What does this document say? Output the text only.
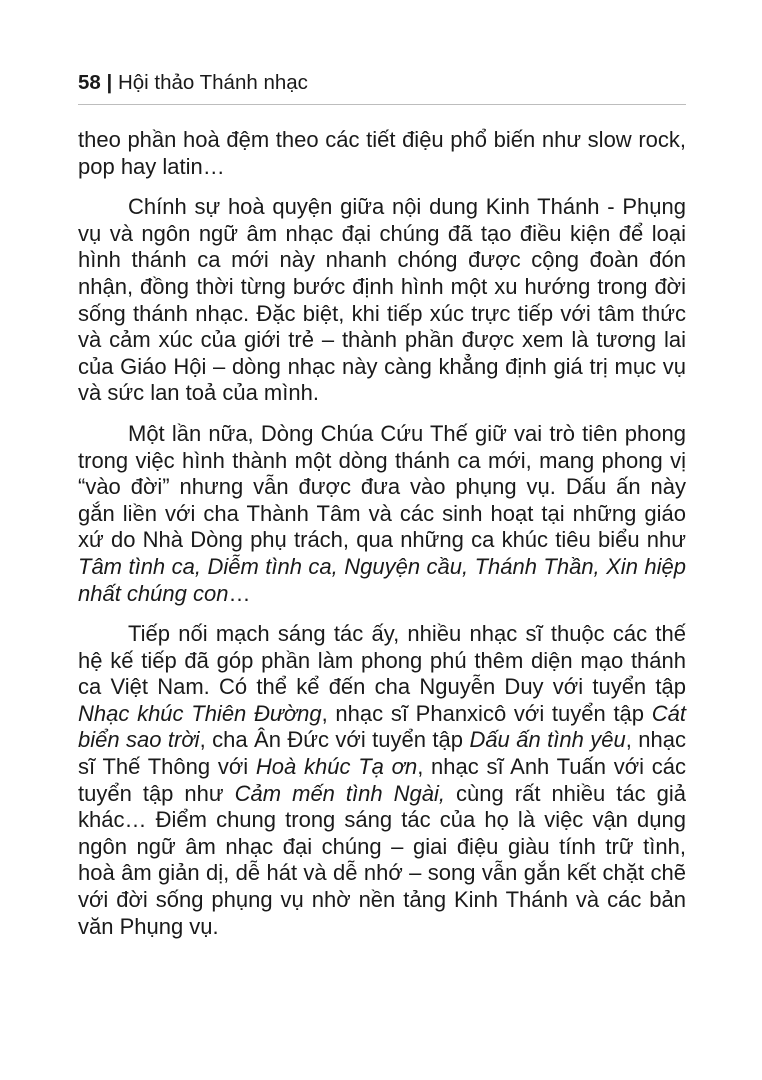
58 | Hội thảo Thánh nhạc

theo phần hoà đệm theo các tiết điệu phổ biến như slow rock, pop hay latin…

Chính sự hoà quyện giữa nội dung Kinh Thánh - Phụng vụ và ngôn ngữ âm nhạc đại chúng đã tạo điều kiện để loại hình thánh ca mới này nhanh chóng được cộng đoàn đón nhận, đồng thời từng bước định hình một xu hướng trong đời sống thánh nhạc. Đặc biệt, khi tiếp xúc trực tiếp với tâm thức và cảm xúc của giới trẻ – thành phần được xem là tương lai của Giáo Hội – dòng nhạc này càng khẳng định giá trị mục vụ và sức lan toả của mình.

Một lần nữa, Dòng Chúa Cứu Thế giữ vai trò tiên phong trong việc hình thành một dòng thánh ca mới, mang phong vị “vào đời” nhưng vẫn được đưa vào phụng vụ. Dấu ấn này gắn liền với cha Thành Tâm và các sinh hoạt tại những giáo xứ do Nhà Dòng phụ trách, qua những ca khúc tiêu biểu như Tâm tình ca, Diễm tình ca, Nguyện cầu, Thánh Thần, Xin hiệp nhất chúng con…

Tiếp nối mạch sáng tác ấy, nhiều nhạc sĩ thuộc các thế hệ kế tiếp đã góp phần làm phong phú thêm diện mạo thánh ca Việt Nam. Có thể kể đến cha Nguyễn Duy với tuyển tập Nhạc khúc Thiên Đường, nhạc sĩ Phanxicô với tuyển tập Cát biển sao trời, cha Ân Đức với tuyển tập Dấu ấn tình yêu, nhạc sĩ Thế Thông với Hoà khúc Tạ ơn, nhạc sĩ Anh Tuấn với các tuyển tập như Cảm mến tình Ngài, cùng rất nhiều tác giả khác… Điểm chung trong sáng tác của họ là việc vận dụng ngôn ngữ âm nhạc đại chúng – giai điệu giàu tính trữ tình, hoà âm giản dị, dễ hát và dễ nhớ – song vẫn gắn kết chặt chẽ với đời sống phụng vụ nhờ nền tảng Kinh Thánh và các bản văn Phụng vụ.
